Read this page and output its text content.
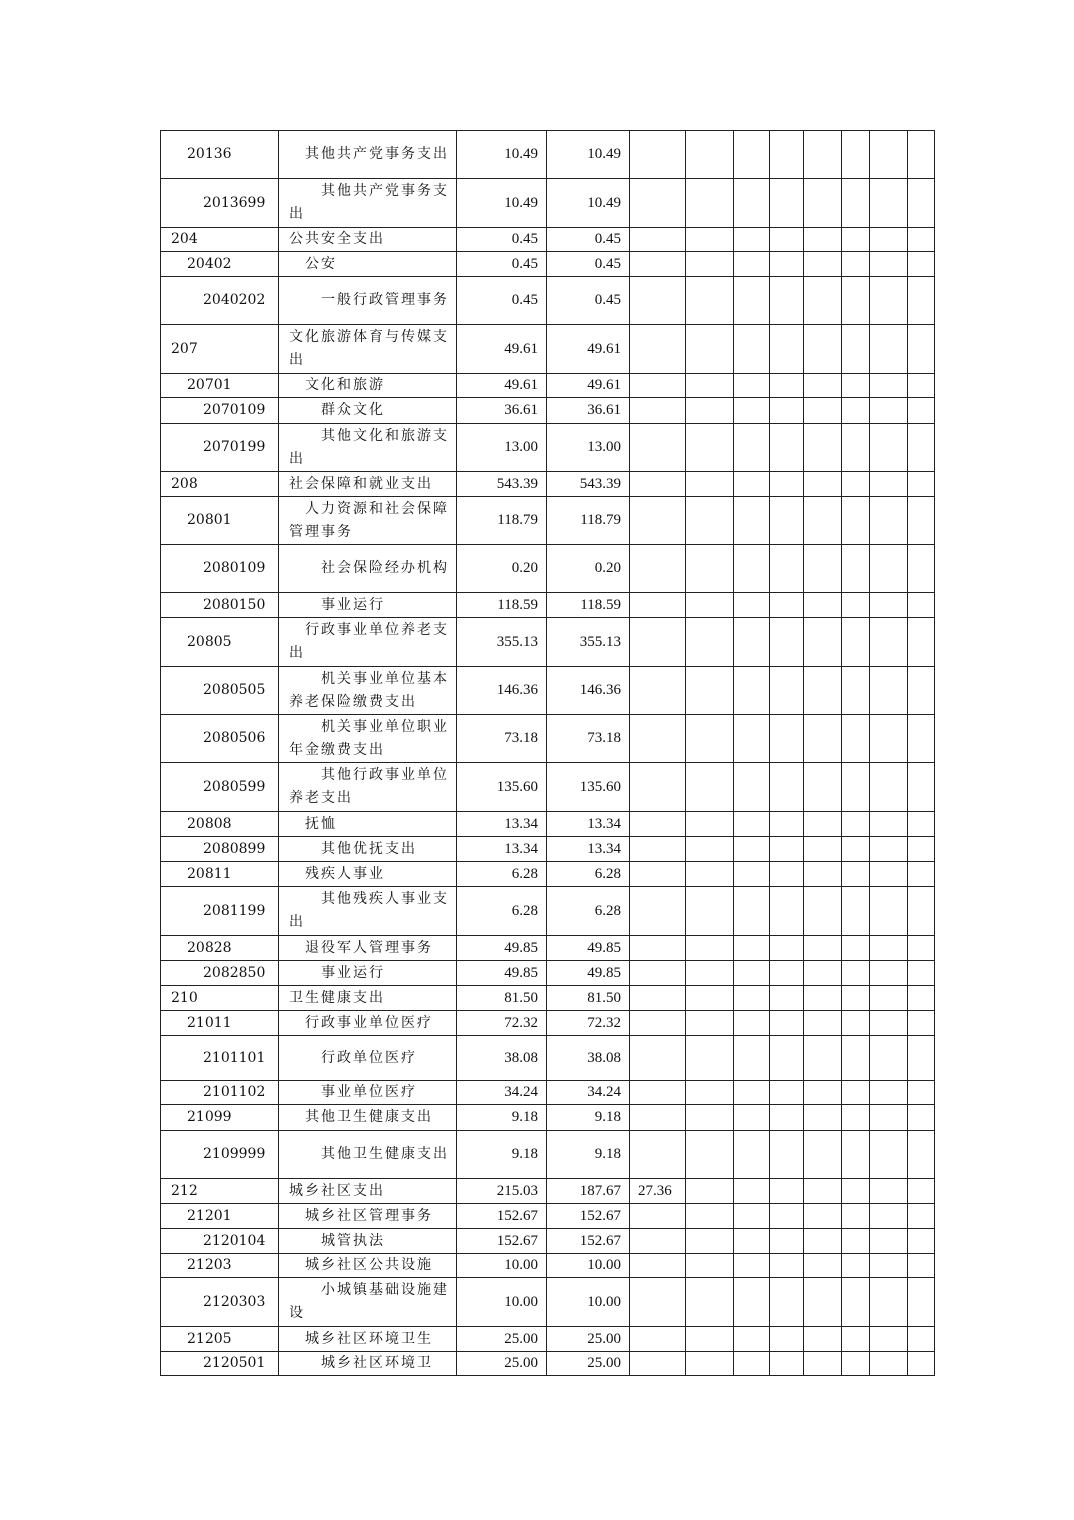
20136	其他共产党事务支出	10.49	10.49								
2013699	其他共产党事务支出	10.49	10.49								
204	公共安全支出	0.45	0.45								
20402	公安	0.45	0.45								
2040202	一般行政管理事务	0.45	0.45								
207	文化旅游体育与传媒支出	49.61	49.61								
20701	文化和旅游	49.61	49.61								
2070109	群众文化	36.61	36.61								
2070199	其他文化和旅游支出	13.00	13.00								
208	社会保障和就业支出	543.39	543.39								
20801	人力资源和社会保障管理事务	118.79	118.79								
2080109	社会保险经办机构	0.20	0.20								
2080150	事业运行	118.59	118.59								
20805	行政事业单位养老支出	355.13	355.13								
2080505	机关事业单位基本养老保险缴费支出	146.36	146.36								
2080506	机关事业单位职业年金缴费支出	73.18	73.18								
2080599	其他行政事业单位养老支出	135.60	135.60								
20808	抚恤	13.34	13.34								
2080899	其他优抚支出	13.34	13.34								
20811	残疾人事业	6.28	6.28								
2081199	其他残疾人事业支出	6.28	6.28								
20828	退役军人管理事务	49.85	49.85								
2082850	事业运行	49.85	49.85								
210	卫生健康支出	81.50	81.50								
21011	行政事业单位医疗	72.32	72.32								
2101101	行政单位医疗	38.08	38.08								
2101102	事业单位医疗	34.24	34.24								
21099	其他卫生健康支出	9.18	9.18								
2109999	其他卫生健康支出	9.18	9.18								
212	城乡社区支出	215.03	187.67	27.36							
21201	城乡社区管理事务	152.67	152.67								
2120104	城管执法	152.67	152.67								
21203	城乡社区公共设施	10.00	10.00								
2120303	小城镇基础设施建设	10.00	10.00								
21205	城乡社区环境卫生	25.00	25.00								
2120501	城乡社区环境卫	25.00	25.00								
